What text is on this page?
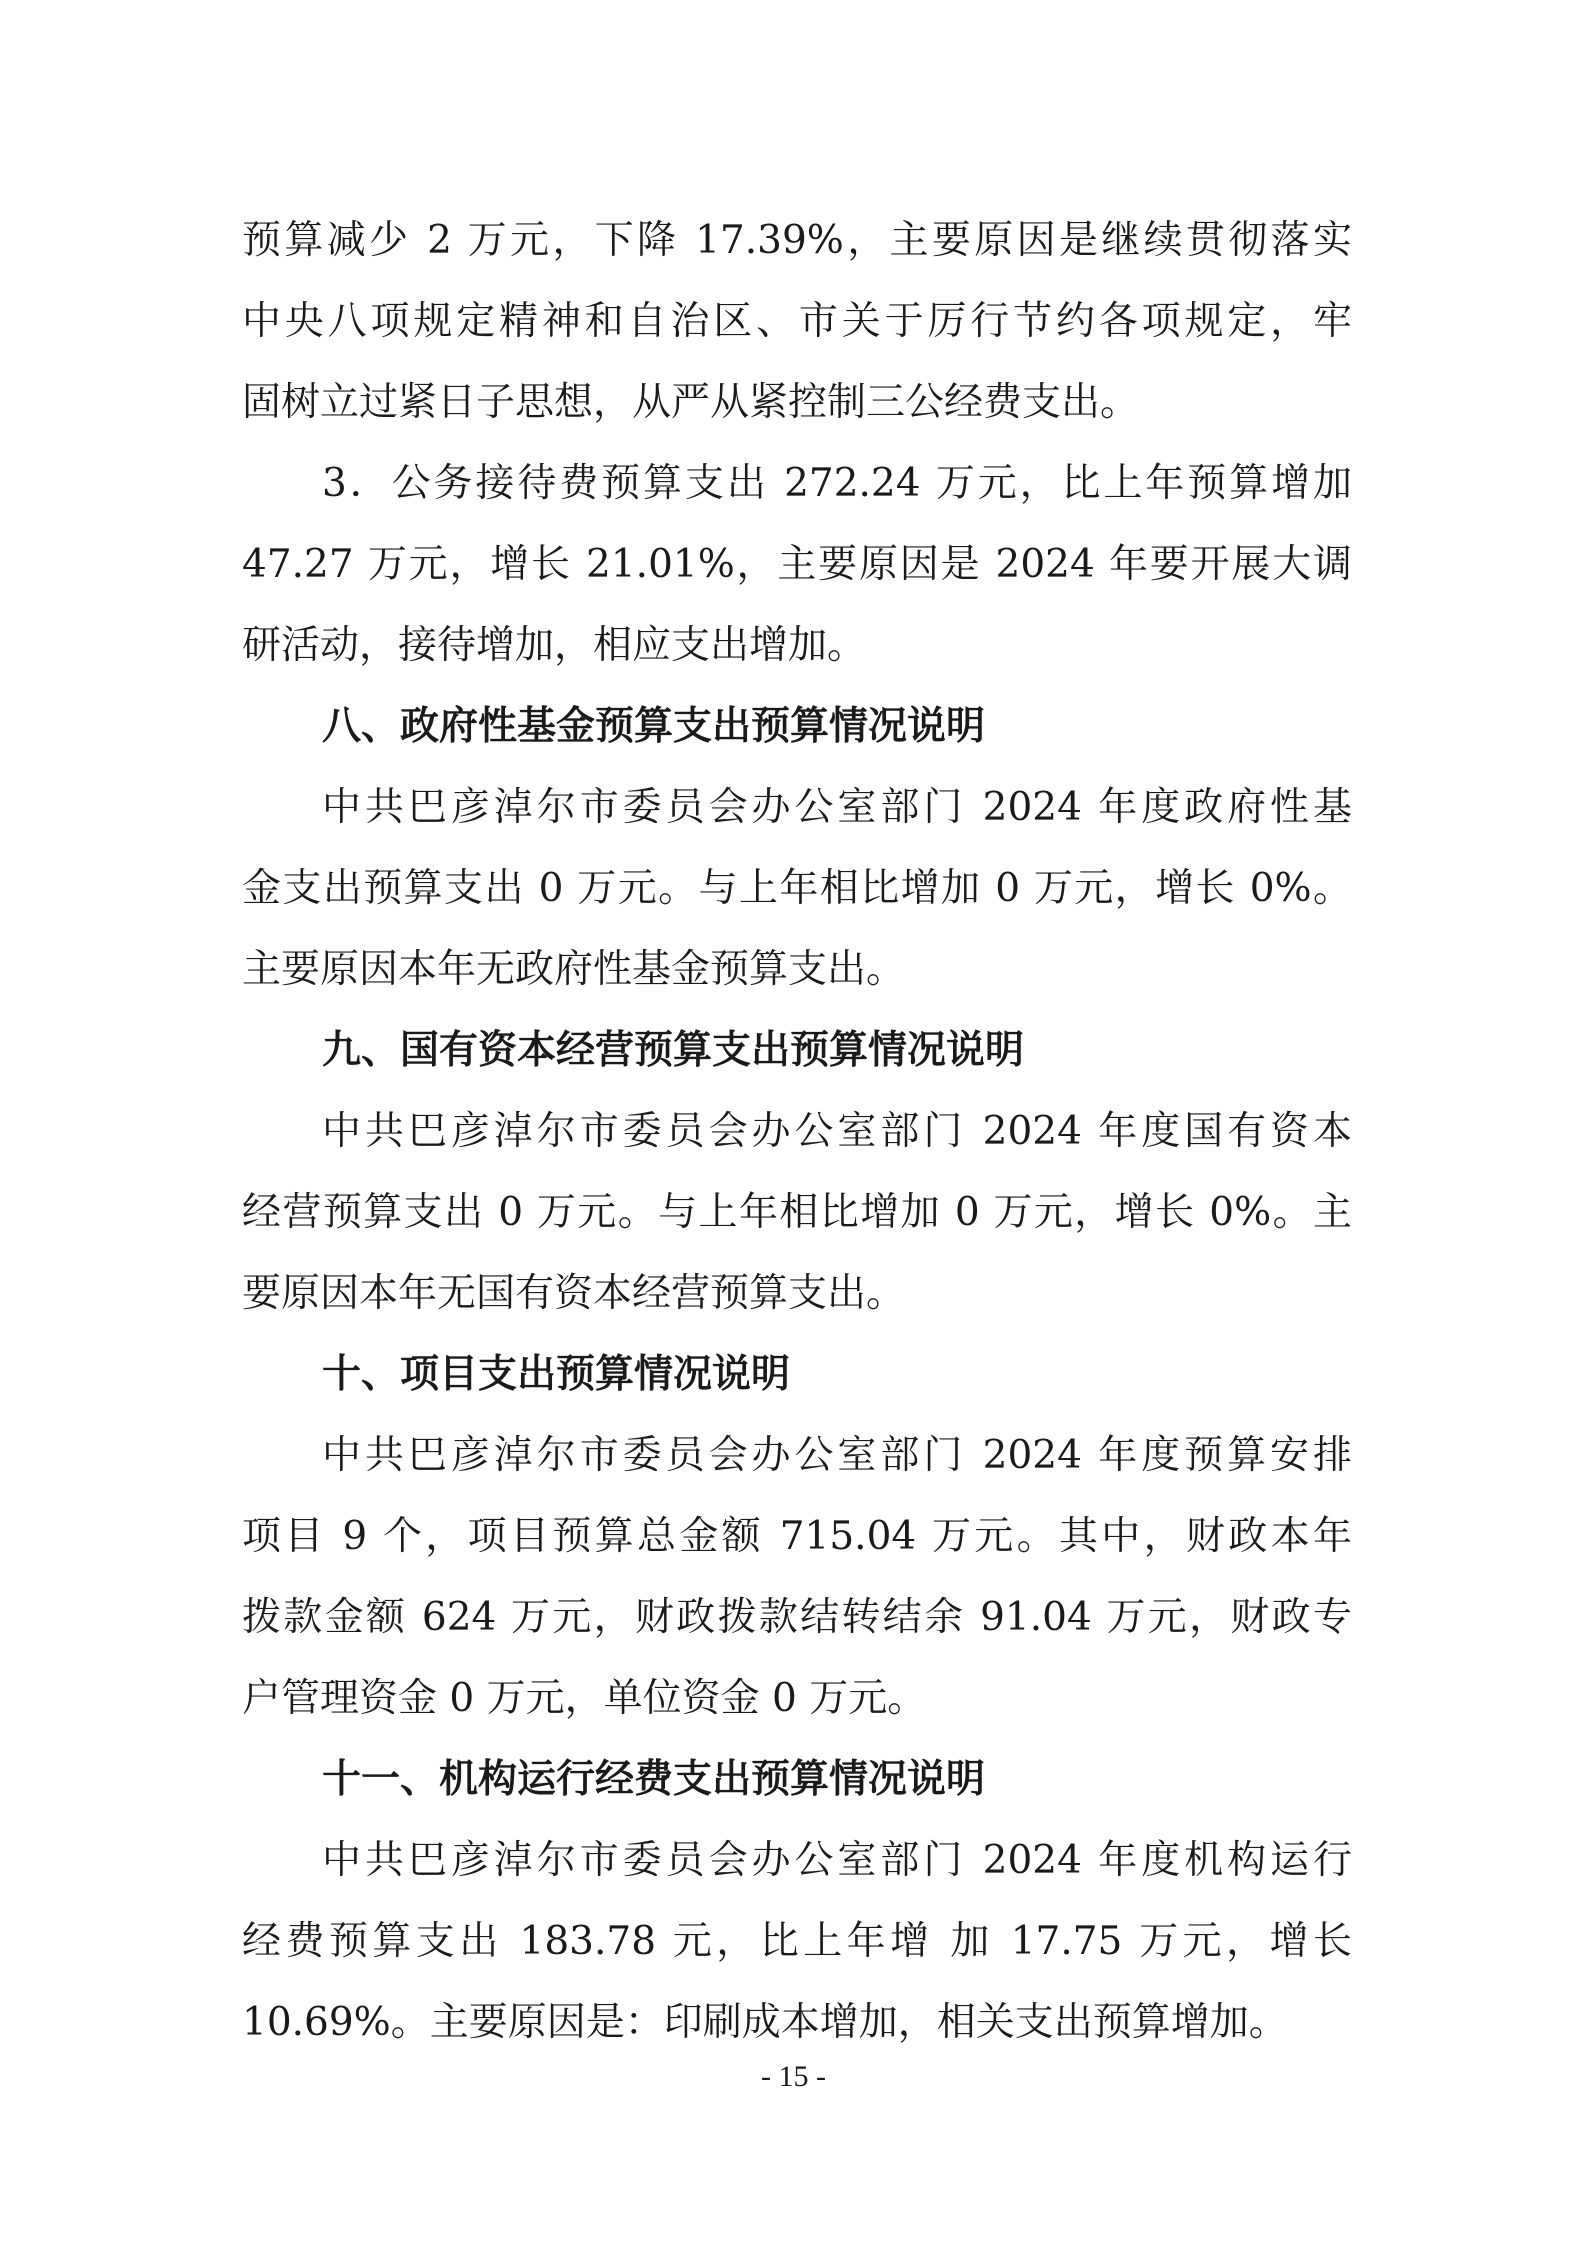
预算减少 2 万元，下降 17.39%，主要原因是继续贯彻落实
中央八项规定精神和自治区、市关于厉行节约各项规定，牢
固树立过紧日子思想，从严从紧控制三公经费支出。
3．公务接待费预算支出 272.24 万元，比上年预算增加
47.27 万元，增长 21.01%，主要原因是 2024 年要开展大调
研活动，接待增加，相应支出增加。
八、政府性基金预算支出预算情况说明
中共巴彦淖尔市委员会办公室部门 2024 年度政府性基
金支出预算支出 0 万元。与上年相比增加 0 万元，增长 0%。
主要原因本年无政府性基金预算支出。
九、国有资本经营预算支出预算情况说明
中共巴彦淖尔市委员会办公室部门 2024 年度国有资本
经营预算支出 0 万元。与上年相比增加 0 万元，增长 0%。主
要原因本年无国有资本经营预算支出。
十、项目支出预算情况说明
中共巴彦淖尔市委员会办公室部门 2024 年度预算安排
项目 9 个，项目预算总金额 715.04 万元。其中，财政本年
拨款金额 624 万元，财政拨款结转结余 91.04 万元，财政专
户管理资金 0 万元，单位资金 0 万元。
十一、机构运行经费支出预算情况说明
中共巴彦淖尔市委员会办公室部门 2024 年度机构运行
经费预算支出 183.78 元，比上年增 加 17.75 万元，增长
10.69%。主要原因是：印刷成本增加，相关支出预算增加。
- 15 -
